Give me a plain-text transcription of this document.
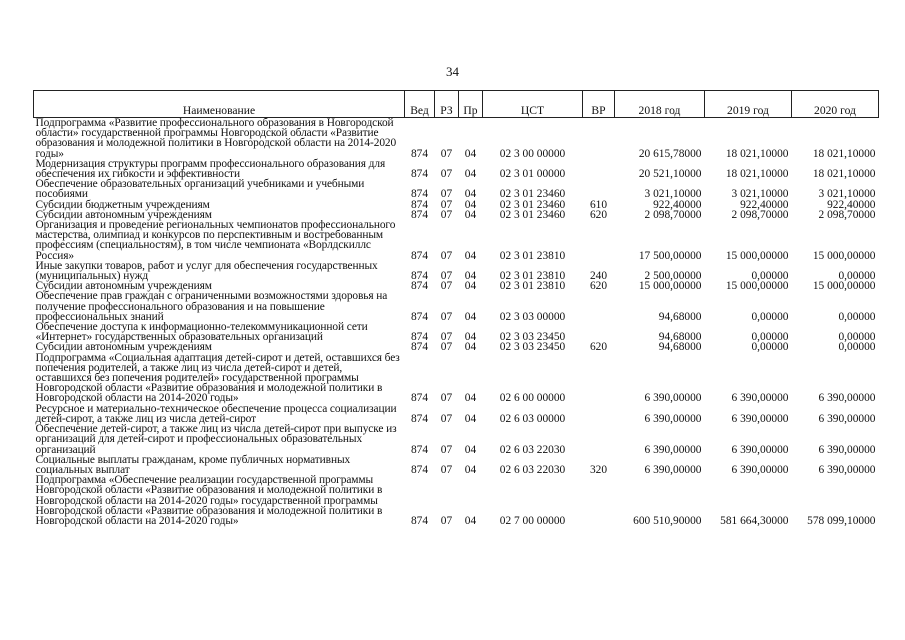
34
Наименование	Вед	РЗ	Пр	ЦСТ	ВР	2018 год	2019 год	2020 год
Подпрограмма «Развитие профессионального образования в Новгородской области» государственной программы Новгородской области «Развитие образования и молодежной политики в Новгородской области на 2014-2020 годы»	874	07	04	02 3 00 00000		20 615,78000	18 021,10000	18 021,10000
Модернизация структуры программ профессионального образования для обеспечения их гибкости и эффективности	874	07	04	02 3 01 00000		20 521,10000	18 021,10000	18 021,10000
Обеспечение образовательных организаций учебниками и учебными пособиями	874	07	04	02 3 01 23460		3 021,10000	3 021,10000	3 021,10000
Субсидии бюджетным учреждениям	874	07	04	02 3 01 23460	610	922,40000	922,40000	922,40000
Субсидии автономным учреждениям	874	07	04	02 3 01 23460	620	2 098,70000	2 098,70000	2 098,70000
Организация и проведение региональных чемпионатов профессионального мастерства, олимпиад и конкурсов по перспективным и востребованным профессиям (специальностям), в том числе чемпионата «Ворлдскиллс Россия»	874	07	04	02 3 01 23810		17 500,00000	15 000,00000	15 000,00000
Иные закупки товаров, работ и услуг для обеспечения государственных (муниципальных) нужд	874	07	04	02 3 01 23810	240	2 500,00000	0,00000	0,00000
Субсидии автономным учреждениям	874	07	04	02 3 01 23810	620	15 000,00000	15 000,00000	15 000,00000
Обеспечение прав граждан с ограниченными возможностями здоровья на получение профессионального образования и на повышение профессиональных знаний	874	07	04	02 3 03 00000		94,68000	0,00000	0,00000
Обеспечение доступа к информационно-телекоммуникационной сети «Интернет» государственных образовательных организаций	874	07	04	02 3 03 23450		94,68000	0,00000	0,00000
Субсидии автономным учреждениям	874	07	04	02 3 03 23450	620	94,68000	0,00000	0,00000
Подпрограмма «Социальная адаптация детей-сирот и детей, оставшихся без попечения родителей, а также лиц из числа детей-сирот и детей, оставшихся без попечения родителей» государственной программы Новгородской области «Развитие образования и молодежной политики в Новгородской области на 2014-2020 годы»	874	07	04	02 6 00 00000		6 390,00000	6 390,00000	6 390,00000
Ресурсное и материально-техническое обеспечение процесса социализации детей-сирот, а также лиц из числа детей-сирот	874	07	04	02 6 03 00000		6 390,00000	6 390,00000	6 390,00000
Обеспечение детей-сирот, а также лиц из числа детей-сирот при выпуске из организаций для детей-сирот и профессиональных образовательных организаций	874	07	04	02 6 03 22030		6 390,00000	6 390,00000	6 390,00000
Социальные выплаты гражданам, кроме публичных нормативных социальных выплат	874	07	04	02 6 03 22030	320	6 390,00000	6 390,00000	6 390,00000
Подпрограмма «Обеспечение реализации государственной программы Новгородской области «Развитие образования и молодежной политики в Новгородской области на 2014-2020 годы» государственной программы Новгородской области «Развитие образования и молодежной политики в Новгородской области на 2014-2020 годы»	874	07	04	02 7 00 00000		600 510,90000	581 664,30000	578 099,10000
